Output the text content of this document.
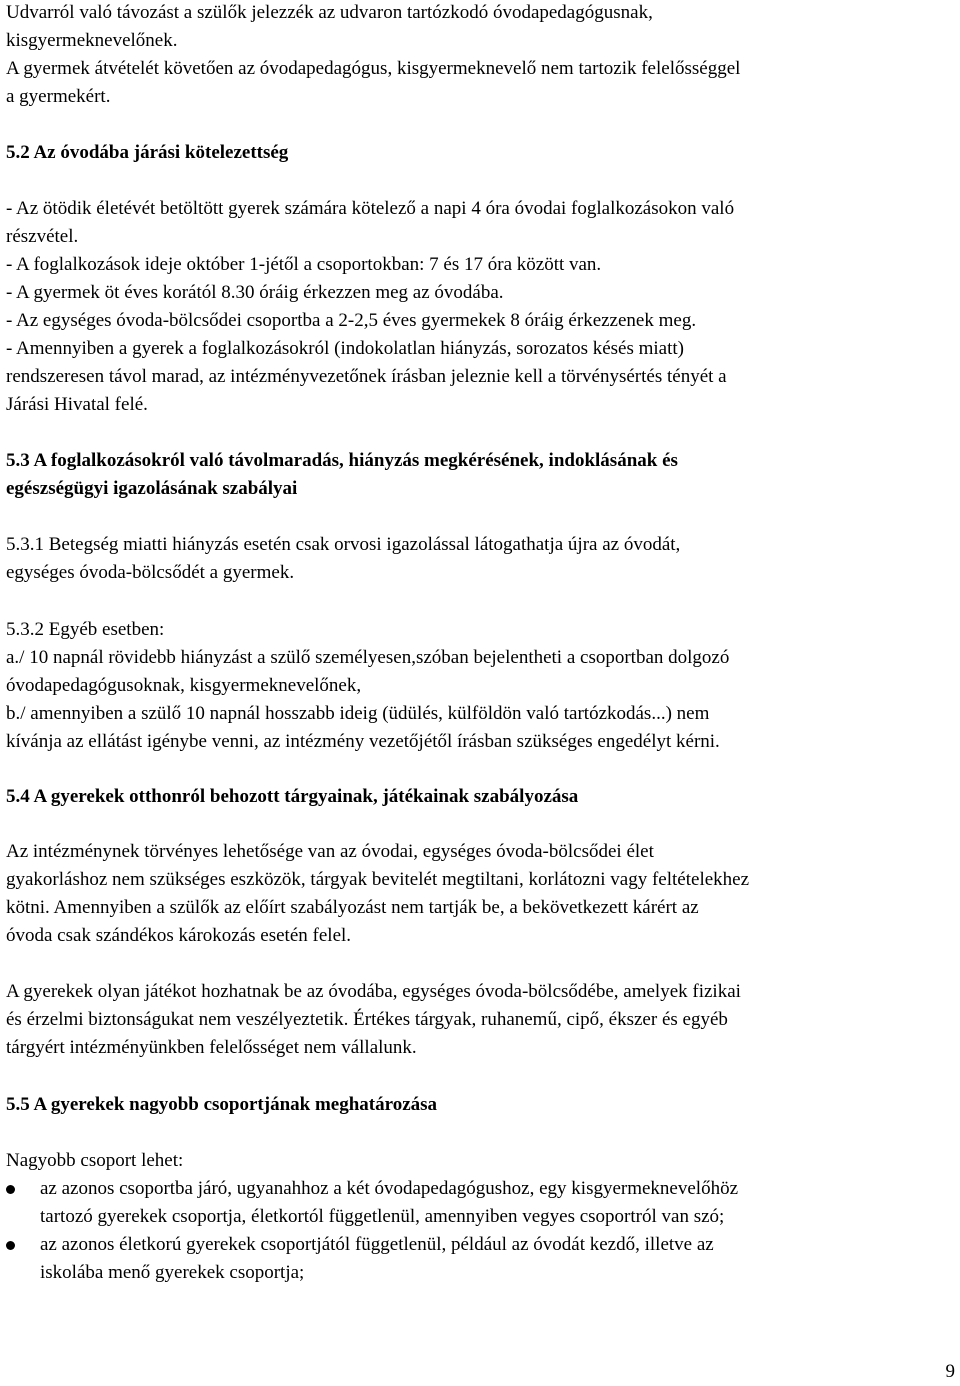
Udvarról való távozást a szülők jelezzék az udvaron tartózkodó óvodapedagógusnak,

kisgyermeknevelőnek.

A gyermek átvételét követően az óvodapedagógus, kisgyermeknevelő nem tartozik felelősséggel

a gyermekért.

5.2 Az óvodába járási kötelezettség

- Az ötödik életévét betöltött gyerek számára kötelező a napi 4 óra óvodai foglalkozásokon való

részvétel.

- A foglalkozások ideje október 1-jétől a csoportokban: 7 és 17 óra között van.

- A gyermek öt éves korától 8.30 óráig érkezzen meg az óvodába.

- Az egységes óvoda-bölcsődei csoportba a 2-2,5 éves gyermekek 8 óráig érkezzenek meg.

- Amennyiben a gyerek a foglalkozásokról (indokolatlan hiányzás, sorozatos késés miatt)

rendszeresen távol marad, az intézményvezetőnek írásban jeleznie kell a törvénysértés tényét a

Járási Hivatal felé.

5.3 A foglalkozásokról való távolmaradás, hiányzás megkérésének, indoklásának és

egészségügyi igazolásának szabályai

5.3.1 Betegség miatti hiányzás esetén csak orvosi igazolással látogathatja újra az óvodát,

egységes óvoda-bölcsődét a gyermek.

5.3.2 Egyéb esetben:

a./ 10 napnál rövidebb hiányzást a szülő személyesen,szóban bejelentheti a csoportban dolgozó

óvodapedagógusoknak, kisgyermeknevelőnek,

b./ amennyiben a szülő 10 napnál hosszabb ideig (üdülés, külföldön való tartózkodás...) nem

kívánja az ellátást igénybe venni, az intézmény vezetőjétől írásban szükséges engedélyt kérni.

5.4 A gyerekek otthonról behozott tárgyainak, játékainak szabályozása

Az intézménynek törvényes lehetősége van az óvodai, egységes óvoda-bölcsődei élet

gyakorláshoz nem szükséges eszközök, tárgyak bevitelét megtiltani, korlátozni vagy feltételekhez

kötni. Amennyiben a szülők az előírt szabályozást nem tartják be, a bekövetkezett kárért az

óvoda csak szándékos károkozás esetén felel.

A gyerekek olyan játékot hozhatnak be az óvodába, egységes óvoda-bölcsődébe, amelyek fizikai

és érzelmi biztonságukat nem veszélyeztetik. Értékes tárgyak, ruhanemű, cipő, ékszer és egyéb

tárgyért intézményünkben felelősséget nem vállalunk.

5.5 A gyerekek nagyobb csoportjának meghatározása

Nagyobb csoport lehet:

az azonos csoportba járó, ugyanahhoz a két óvodapedagógushoz, egy kisgyermeknevelőhöz

tartozó gyerekek csoportja, életkortól függetlenül, amennyiben vegyes csoportról van szó;

az azonos életkorú gyerekek csoportjától függetlenül, például az óvodát kezdő, illetve az

iskolába menő gyerekek csoportja;

9
